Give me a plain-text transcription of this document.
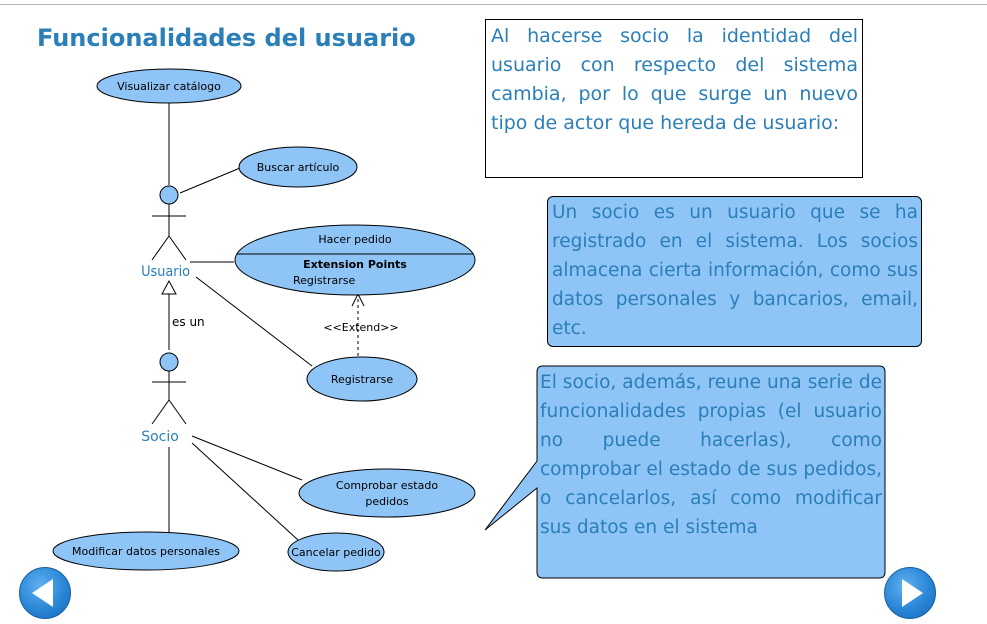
Funcionalidades del usuario
Usuario
Socio
es un	<<Extend>>
Visualizar catálogo
Buscar artículo
Hacer pedido
Extension Points
Registrarse
Registrarse
Comprobar estado
pedidos
Modificar datos personales	Cancelar pedido
Al hacerse socio la identidad del usuario con respecto del sistema cambia, por lo que surge un nuevo tipo de actor que hereda de usuario:
Un socio es un usuario que se ha registrado en el sistema. Los socios almacena cierta información, como sus datos personales y bancarios, email, etc.
El socio, además, reune una serie de funcionalidades propias (el usuario no puede hacerlas), como comprobar el estado de sus pedidos, o cancelarlos, así como modificar sus datos en el sistema
